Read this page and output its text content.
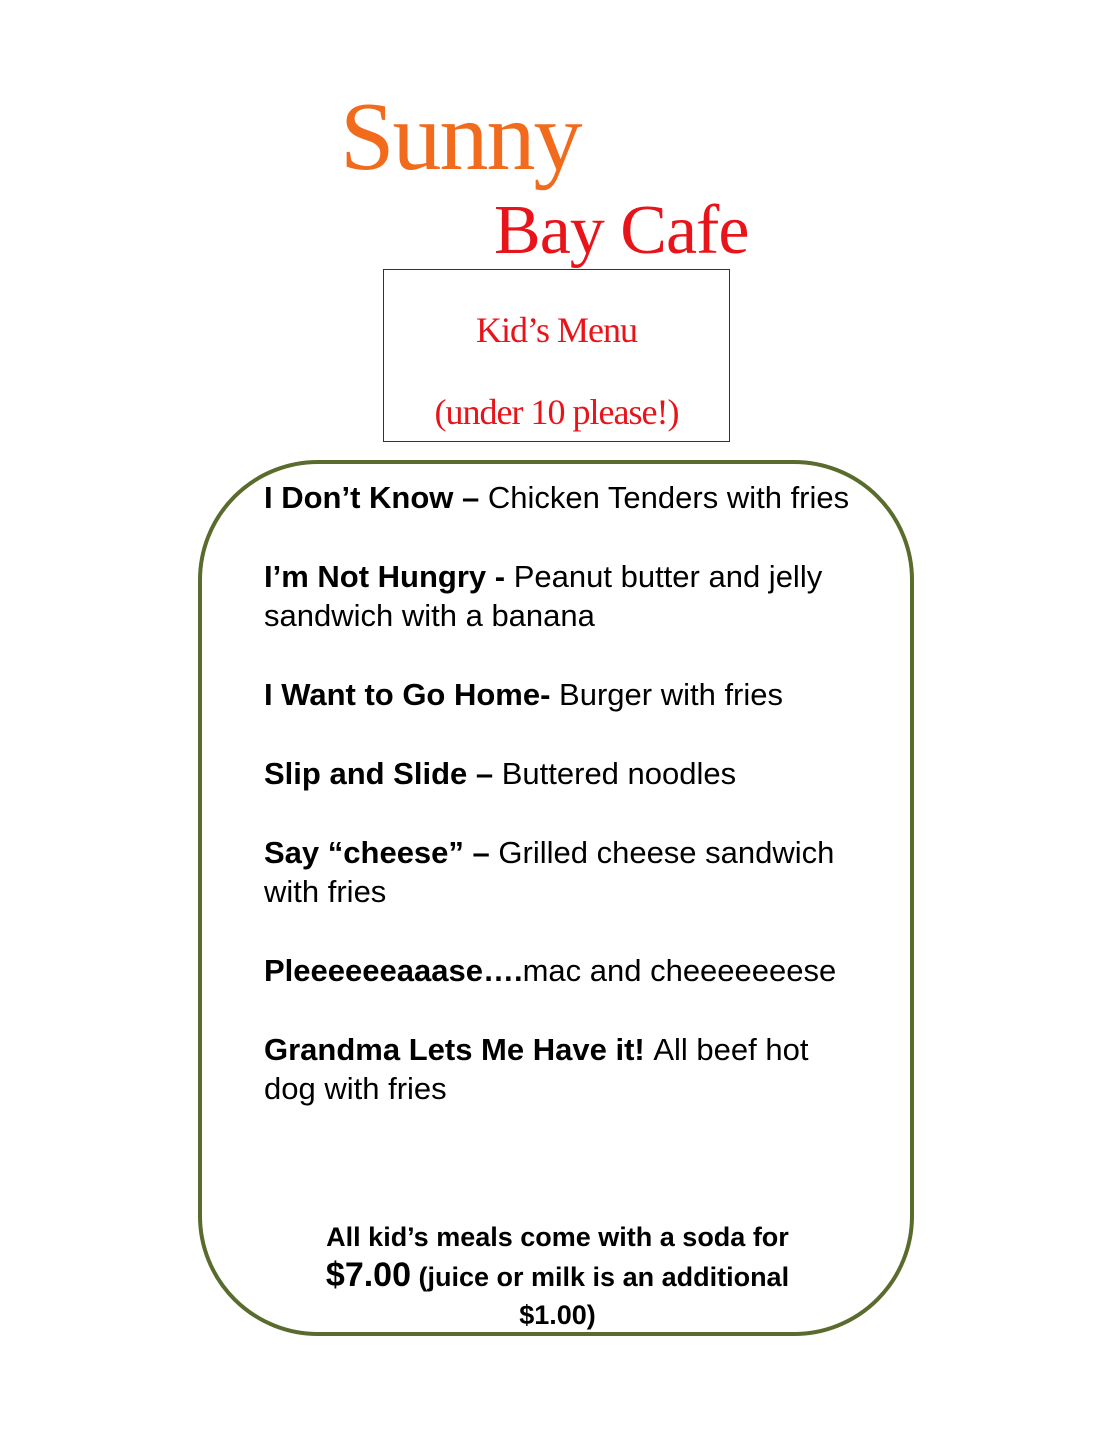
Sunny
Bay Cafe
Kid’s Menu
(under 10 please!)
I Don’t Know – Chicken Tenders with fries
I’m Not Hungry - Peanut butter and jelly sandwich with a banana
I Want to Go Home- Burger with fries
Slip and Slide – Buttered noodles
Say “cheese” – Grilled cheese sandwich with fries
Pleeeeeeaaase….mac and cheeeeeeese
Grandma Lets Me Have it! All beef hot dog with fries
All kid’s meals come with a soda for $7.00 (juice or milk is an additional $1.00)
